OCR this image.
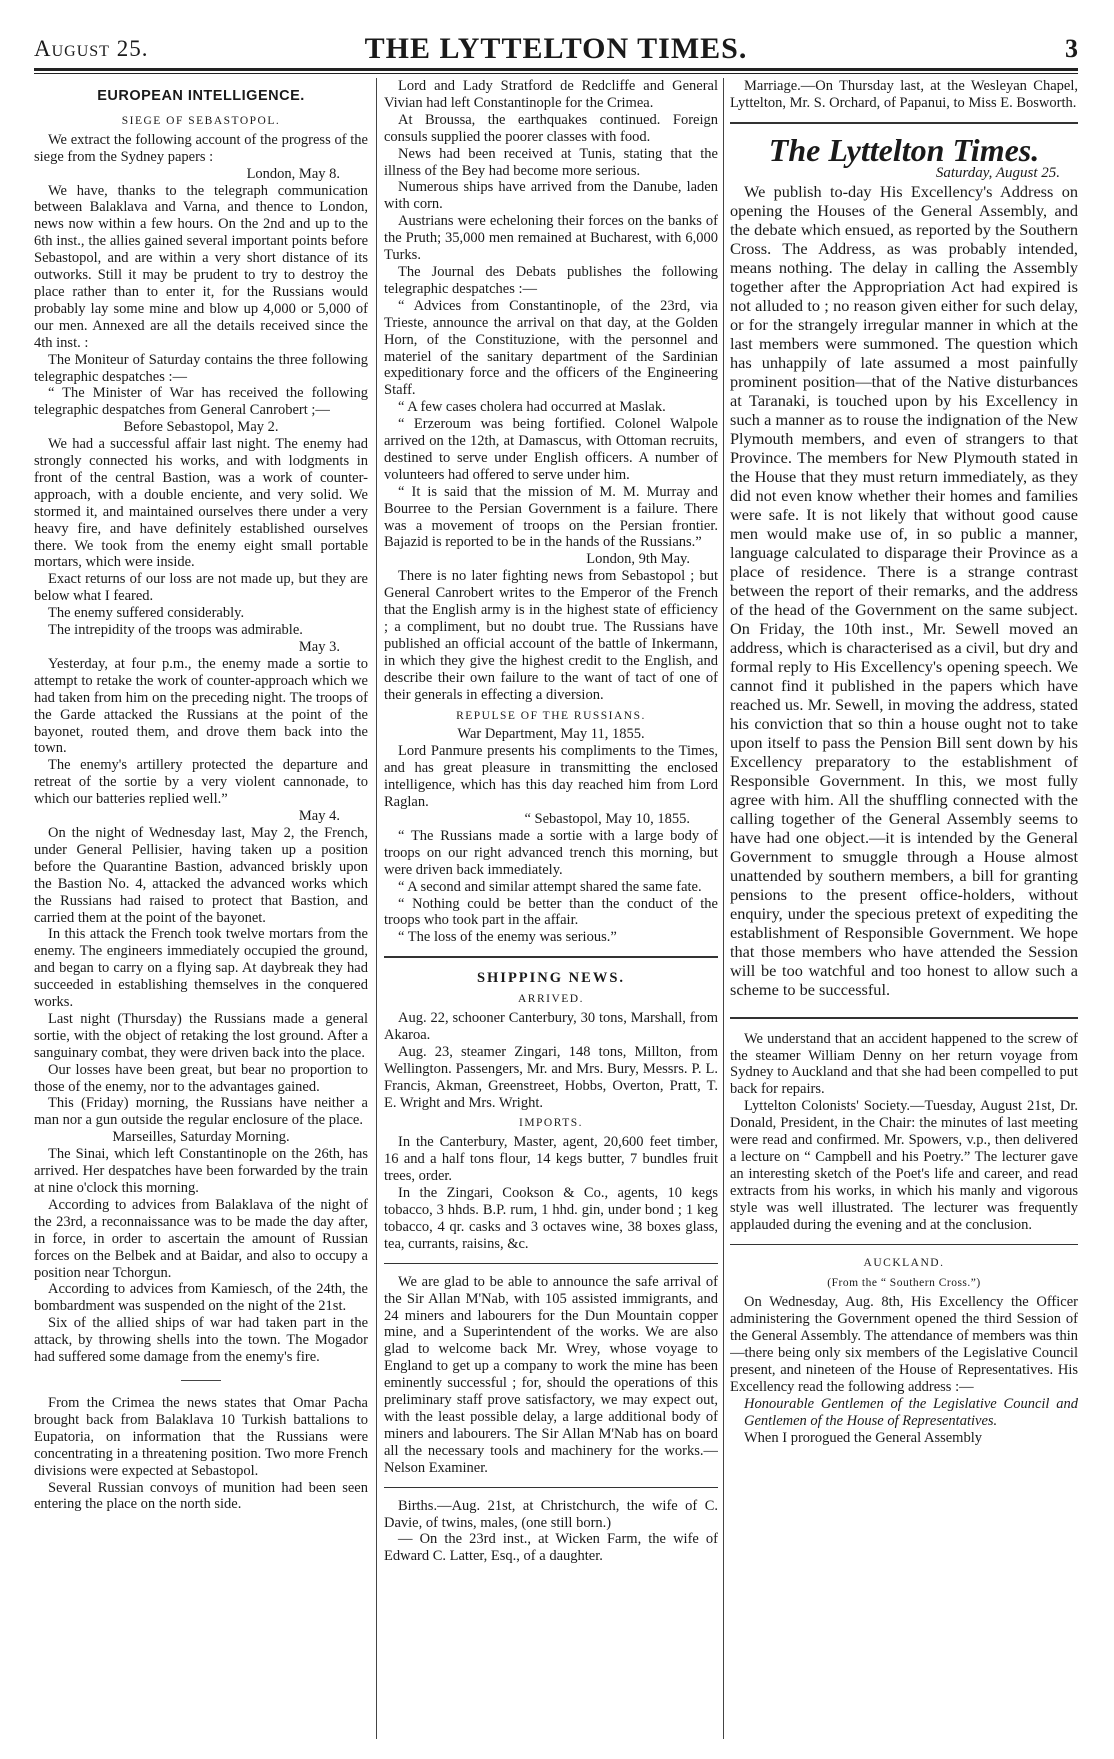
August 25.	THE LYTTELTON TIMES.	3

EUROPEAN INTELLIGENCE.

SIEGE OF SEBASTOPOL.

We extract the following account of the progress of the siege from the Sydney papers :

London, May 8.

We have, thanks to the telegraph communication between Balaklava and Varna, and thence to London, news now within a few hours. On the 2nd and up to the 6th inst., the allies gained several important points before Sebastopol, and are within a very short distance of its outworks. Still it may be prudent to try to destroy the place rather than to enter it, for the Russians would probably lay some mine and blow up 4,000 or 5,000 of our men. Annexed are all the details received since the 4th inst. :

The Moniteur of Saturday contains the three following telegraphic despatches :—

“ The Minister of War has received the following telegraphic despatches from General Canrobert ;—

Before Sebastopol, May 2.

We had a successful affair last night. The enemy had strongly connected his works, and with lodgments in front of the central Bastion, was a work of counter-approach, with a double enciente, and very solid. We stormed it, and maintained ourselves there under a very heavy fire, and have definitely established ourselves there. We took from the enemy eight small portable mortars, which were inside.

Exact returns of our loss are not made up, but they are below what I feared.

The enemy suffered considerably.

The intrepidity of the troops was admirable.

May 3.

Yesterday, at four p.m., the enemy made a sortie to attempt to retake the work of counter-approach which we had taken from him on the preceding night. The troops of the Garde attacked the Russians at the point of the bayonet, routed them, and drove them back into the town.

The enemy's artillery protected the departure and retreat of the sortie by a very violent cannonade, to which our batteries replied well.”

May 4.

On the night of Wednesday last, May 2, the French, under General Pellisier, having taken up a position before the Quarantine Bastion, advanced briskly upon the Bastion No. 4, attacked the advanced works which the Russians had raised to protect that Bastion, and carried them at the point of the bayonet.

In this attack the French took twelve mortars from the enemy. The engineers immediately occupied the ground, and began to carry on a flying sap. At daybreak they had succeeded in establishing themselves in the conquered works.

Last night (Thursday) the Russians made a general sortie, with the object of retaking the lost ground. After a sanguinary combat, they were driven back into the place.

Our losses have been great, but bear no proportion to those of the enemy, nor to the advantages gained.

This (Friday) morning, the Russians have neither a man nor a gun outside the regular enclosure of the place.

Marseilles, Saturday Morning.

The Sinai, which left Constantinople on the 26th, has arrived. Her despatches have been forwarded by the train at nine o'clock this morning.

According to advices from Balaklava of the night of the 23rd, a reconnaissance was to be made the day after, in force, in order to ascertain the amount of Russian forces on the Belbek and at Baidar, and also to occupy a position near Tchorgun.

According to advices from Kamiesch, of the 24th, the bombardment was suspended on the night of the 21st.

Six of the allied ships of war had taken part in the attack, by throwing shells into the town. The Mogador had suffered some damage from the enemy's fire.

From the Crimea the news states that Omar Pacha brought back from Balaklava 10 Turkish battalions to Eupatoria, on information that the Russians were concentrating in a threatening position. Two more French divisions were expected at Sebastopol.

Several Russian convoys of munition had been seen entering the place on the north side.

Lord and Lady Stratford de Redcliffe and General Vivian had left Constantinople for the Crimea.

At Broussa, the earthquakes continued. Foreign consuls supplied the poorer classes with food.

News had been received at Tunis, stating that the illness of the Bey had become more serious.

Numerous ships have arrived from the Danube, laden with corn.

Austrians were echeloning their forces on the banks of the Pruth; 35,000 men remained at Bucharest, with 6,000 Turks.

The Journal des Debats publishes the following telegraphic despatches :—

“ Advices from Constantinople, of the 23rd, via Trieste, announce the arrival on that day, at the Golden Horn, of the Constituzione, with the personnel and materiel of the sanitary department of the Sardinian expeditionary force and the officers of the Engineering Staff.

“ A few cases cholera had occurred at Maslak.

“ Erzeroum was being fortified. Colonel Walpole arrived on the 12th, at Damascus, with Ottoman recruits, destined to serve under English officers. A number of volunteers had offered to serve under him.

“ It is said that the mission of M. M. Murray and Bourree to the Persian Government is a failure. There was a movement of troops on the Persian frontier. Bajazid is reported to be in the hands of the Russians.”

London, 9th May.

There is no later fighting news from Sebastopol ; but General Canrobert writes to the Emperor of the French that the English army is in the highest state of efficiency ; a compliment, but no doubt true. The Russians have published an official account of the battle of Inkermann, in which they give the highest credit to the English, and describe their own failure to the want of tact of one of their generals in effecting a diversion.

REPULSE OF THE RUSSIANS.

War Department, May 11, 1855.

Lord Panmure presents his compliments to the Times, and has great pleasure in transmitting the enclosed intelligence, which has this day reached him from Lord Raglan.

“ Sebastopol, May 10, 1855.

“ The Russians made a sortie with a large body of troops on our right advanced trench this morning, but were driven back immediately.

“ A second and similar attempt shared the same fate.

“ Nothing could be better than the conduct of the troops who took part in the affair.

“ The loss of the enemy was serious.”

SHIPPING NEWS.

ARRIVED.

Aug. 22, schooner Canterbury, 30 tons, Marshall, from Akaroa.

Aug. 23, steamer Zingari, 148 tons, Millton, from Wellington. Passengers, Mr. and Mrs. Bury, Messrs. P. L. Francis, Akman, Greenstreet, Hobbs, Overton, Pratt, T. E. Wright and Mrs. Wright.

IMPORTS.

In the Canterbury, Master, agent, 20,600 feet timber, 16 and a half tons flour, 14 kegs butter, 7 bundles fruit trees, order.

In the Zingari, Cookson & Co., agents, 10 kegs tobacco, 3 hhds. B.P. rum, 1 hhd. gin, under bond ; 1 keg tobacco, 4 qr. casks and 3 octaves wine, 38 boxes glass, tea, currants, raisins, &c.

We are glad to be able to announce the safe arrival of the Sir Allan M'Nab, with 105 assisted immigrants, and 24 miners and labourers for the Dun Mountain copper mine, and a Superintendent of the works. We are also glad to welcome back Mr. Wrey, whose voyage to England to get up a company to work the mine has been eminently successful ; for, should the operations of this preliminary staff prove satisfactory, we may expect out, with the least possible delay, a large additional body of miners and labourers. The Sir Allan M'Nab has on board all the necessary tools and machinery for the works.—Nelson Examiner.

Births.—Aug. 21st, at Christchurch, the wife of C. Davie, of twins, males, (one still born.)

— On the 23rd inst., at Wicken Farm, the wife of Edward C. Latter, Esq., of a daughter.

Marriage.—On Thursday last, at the Wesleyan Chapel, Lyttelton, Mr. S. Orchard, of Papanui, to Miss E. Bosworth.

The Lyttelton Times.

Saturday, August 25.

We publish to-day His Excellency's Address on opening the Houses of the General Assembly, and the debate which ensued, as reported by the Southern Cross. The Address, as was probably intended, means nothing. The delay in calling the Assembly together after the Appropriation Act had expired is not alluded to ; no reason given either for such delay, or for the strangely irregular manner in which at the last members were summoned. The question which has unhappily of late assumed a most painfully prominent position—that of the Native disturbances at Taranaki, is touched upon by his Excellency in such a manner as to rouse the indignation of the New Plymouth members, and even of strangers to that Province. The members for New Plymouth stated in the House that they must return immediately, as they did not even know whether their homes and families were safe. It is not likely that without good cause men would make use of, in so public a manner, language calculated to disparage their Province as a place of residence. There is a strange contrast between the report of their remarks, and the address of the head of the Government on the same subject. On Friday, the 10th inst., Mr. Sewell moved an address, which is characterised as a civil, but dry and formal reply to His Excellency's opening speech. We cannot find it published in the papers which have reached us. Mr. Sewell, in moving the address, stated his conviction that so thin a house ought not to take upon itself to pass the Pension Bill sent down by his Excellency preparatory to the establishment of Responsible Government. In this, we most fully agree with him. All the shuffling connected with the calling together of the General Assembly seems to have had one object.—it is intended by the General Government to smuggle through a House almost unattended by southern members, a bill for granting pensions to the present office-holders, without enquiry, under the specious pretext of expediting the establishment of Responsible Government. We hope that those members who have attended the Session will be too watchful and too honest to allow such a scheme to be successful.

We understand that an accident happened to the screw of the steamer William Denny on her return voyage from Sydney to Auckland and that she had been compelled to put back for repairs.

Lyttelton Colonists' Society.—Tuesday, August 21st, Dr. Donald, President, in the Chair: the minutes of last meeting were read and confirmed. Mr. Spowers, v.p., then delivered a lecture on “ Campbell and his Poetry.” The lecturer gave an interesting sketch of the Poet's life and career, and read extracts from his works, in which his manly and vigorous style was well illustrated. The lecturer was frequently applauded during the evening and at the conclusion.

AUCKLAND.

(From the “ Southern Cross.”)

On Wednesday, Aug. 8th, His Excellency the Officer administering the Government opened the third Session of the General Assembly. The attendance of members was thin—there being only six members of the Legislative Council present, and nineteen of the House of Representatives. His Excellency read the following address :—

Honourable Gentlemen of the Legislative Council and Gentlemen of the House of Representatives.

When I prorogued the General Assembly
